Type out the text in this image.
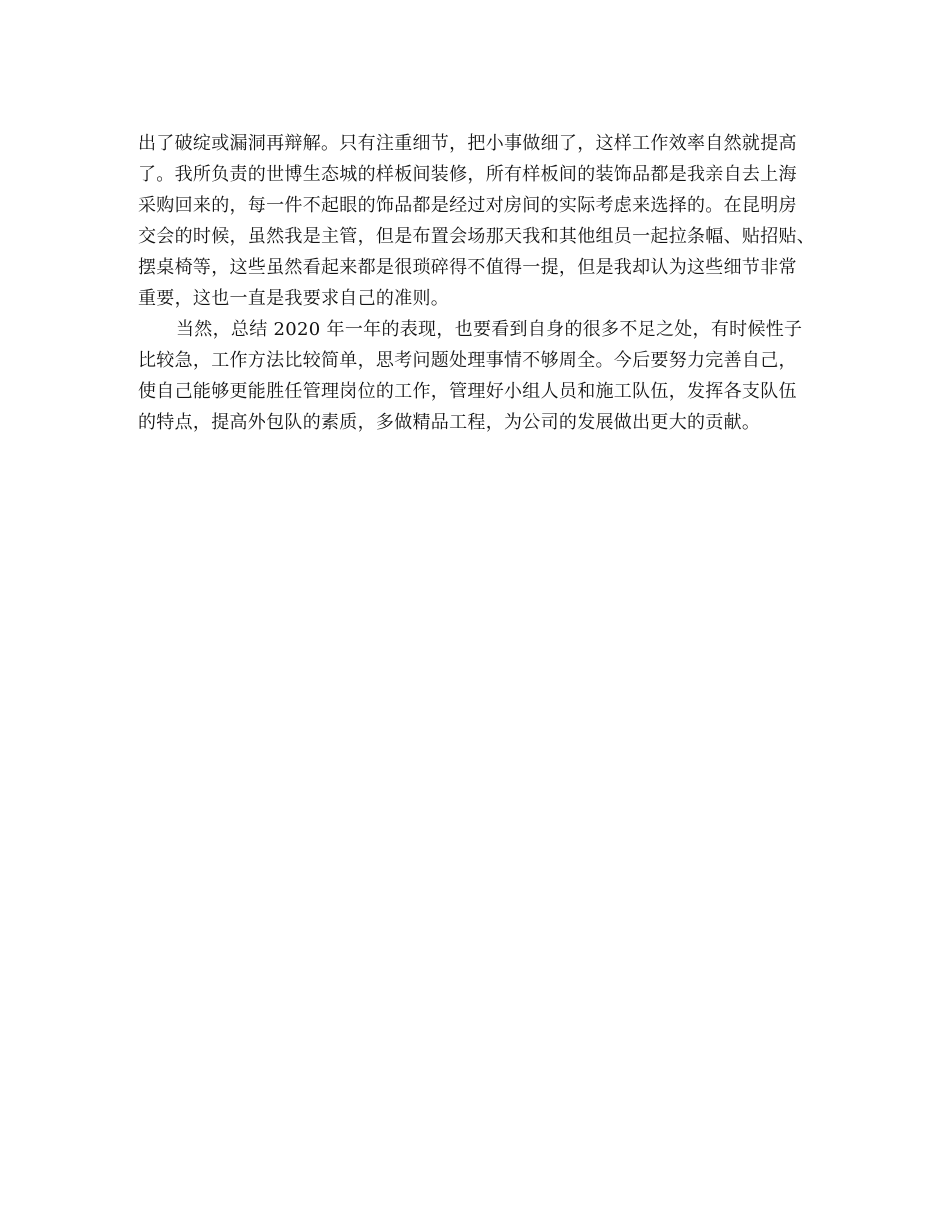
出了破绽或漏洞再辩解。只有注重细节，把小事做细了，这样工作效率自然就提高
了。我所负责的世博生态城的样板间装修，所有样板间的装饰品都是我亲自去上海
采购回来的，每一件不起眼的饰品都是经过对房间的实际考虑来选择的。在昆明房
交会的时候，虽然我是主管，但是布置会场那天我和其他组员一起拉条幅、贴招贴、
摆桌椅等，这些虽然看起来都是很琐碎得不值得一提，但是我却认为这些细节非常
重要，这也一直是我要求自己的准则。
当然，总结 2020 年一年的表现，也要看到自身的很多不足之处，有时候性子
比较急，工作方法比较简单，思考问题处理事情不够周全。今后要努力完善自己，
使自己能够更能胜任管理岗位的工作，管理好小组人员和施工队伍，发挥各支队伍
的特点，提高外包队的素质，多做精品工程，为公司的发展做出更大的贡献。
